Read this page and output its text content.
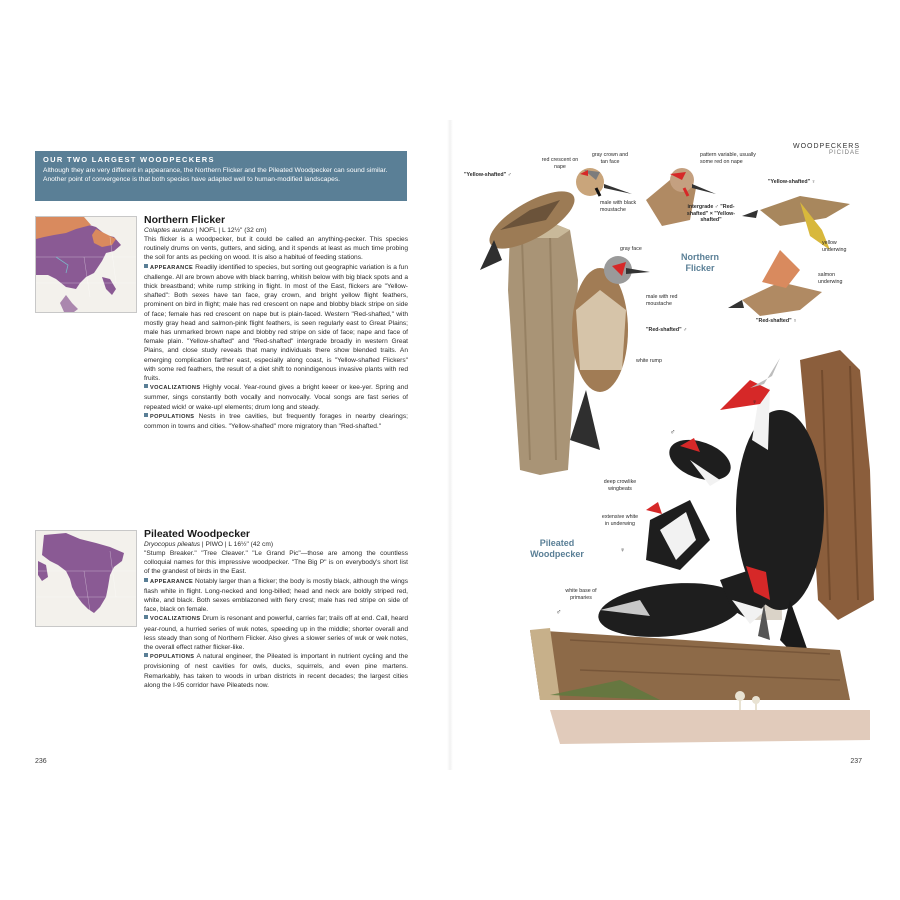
OUR TWO LARGEST WOODPECKERS
Although they are very different in appearance, the Northern Flicker and the Pileated Woodpecker can sound similar. Another point of convergence is that both species have adapted well to human-modified landscapes.
Northern Flicker

Colaptes auratus | NOFL | L 12½" (32 cm)

This flicker is a woodpecker, but it could be called an anything-pecker. This species routinely drums on vents, gutters, and siding, and it spends at least as much time probing the soil for ants as pecking on wood. It is also a habitué of feeding stations.

APPEARANCE Readily identified to species, but sorting out geographic variation is a fun challenge. All are brown above with black barring, whitish below with big black spots and a thick breastband; white rump striking in flight. In most of the East, flickers are "Yellow-shafted": Both sexes have tan face, gray crown, and bright yellow flight feathers, prominent on bird in flight; male has red crescent on nape and blobby black stripe on side of face; female has red crescent on nape but is plain-faced. Western "Red-shafted," with mostly gray head and salmon-pink flight feathers, is seen regularly east to Great Plains; male has unmarked brown nape and blobby red stripe on side of face; nape and face of female plain. "Yellow-shafted" and "Red-shafted" intergrade broadly in western Great Plains, and close study reveals that many individuals there show blended traits. An emerging complication farther east, especially along coast, is "Yellow-shafted Flickers" with some red feathers, the result of a diet shift to nonindigenous invasive plants with red fruits.

VOCALIZATIONS Highly vocal. Year-round gives a bright keeer or kee-yer. Spring and summer, sings constantly both vocally and nonvocally. Vocal songs are fast series of repeated wick! or wake-up! elements; drum long and steady.

POPULATIONS Nests in tree cavities, but frequently forages in nearby clearings; common in towns and cities. "Yellow-shafted" more migratory than "Red-shafted."

Pileated Woodpecker

Dryocopus pileatus | PIWO | L 16½" (42 cm)

"Stump Breaker." "Tree Cleaver." "Le Grand Pic"—those are among the countless colloquial names for this impressive woodpecker. "The Big P" is on everybody's short list of the grandest of birds in the East.

APPEARANCE Notably larger than a flicker; the body is mostly black, although the wings flash white in flight. Long-necked and long-billed; head and neck are boldly striped red, white, and black. Both sexes emblazoned with fiery crest; male has red stripe on side of face, black on female.

VOCALIZATIONS Drum is resonant and powerful, carries far; trails off at end. Call, heard year-round, a hurried series of wuk notes, speeding up in the middle; shorter overall and less steady than song of Northern Flicker. Also gives a slower series of wuk or wek notes, the overall effect rather flicker-like.

POPULATIONS A natural engineer, the Pileated is important in nutrient cycling and the provisioning of nest cavities for owls, ducks, squirrels, and even pine martens. Remarkably, has taken to woods in urban districts in recent decades; the largest cities along the I-95 corridor have Pileateds now.

236
WOODPECKERS
PICIDAE
"Yellow-shafted" ♂
red crescent on nape
gray crown and tan face
pattern variable, usually some red on nape
"Yellow-shafted" ♀
male with black moustache	intergrade ♂ "Red-shafted" × "Yellow-shafted"
yellow underwing
gray face
Northern Flicker
salmon underwing
male with red moustache
"Red-shafted" ♀
"Red-shafted" ♂
white rump
♀
♂
deep crowlike wingbeats
extensive white in underwing
Pileated Woodpecker	♀
white base of primaries
♂
237
